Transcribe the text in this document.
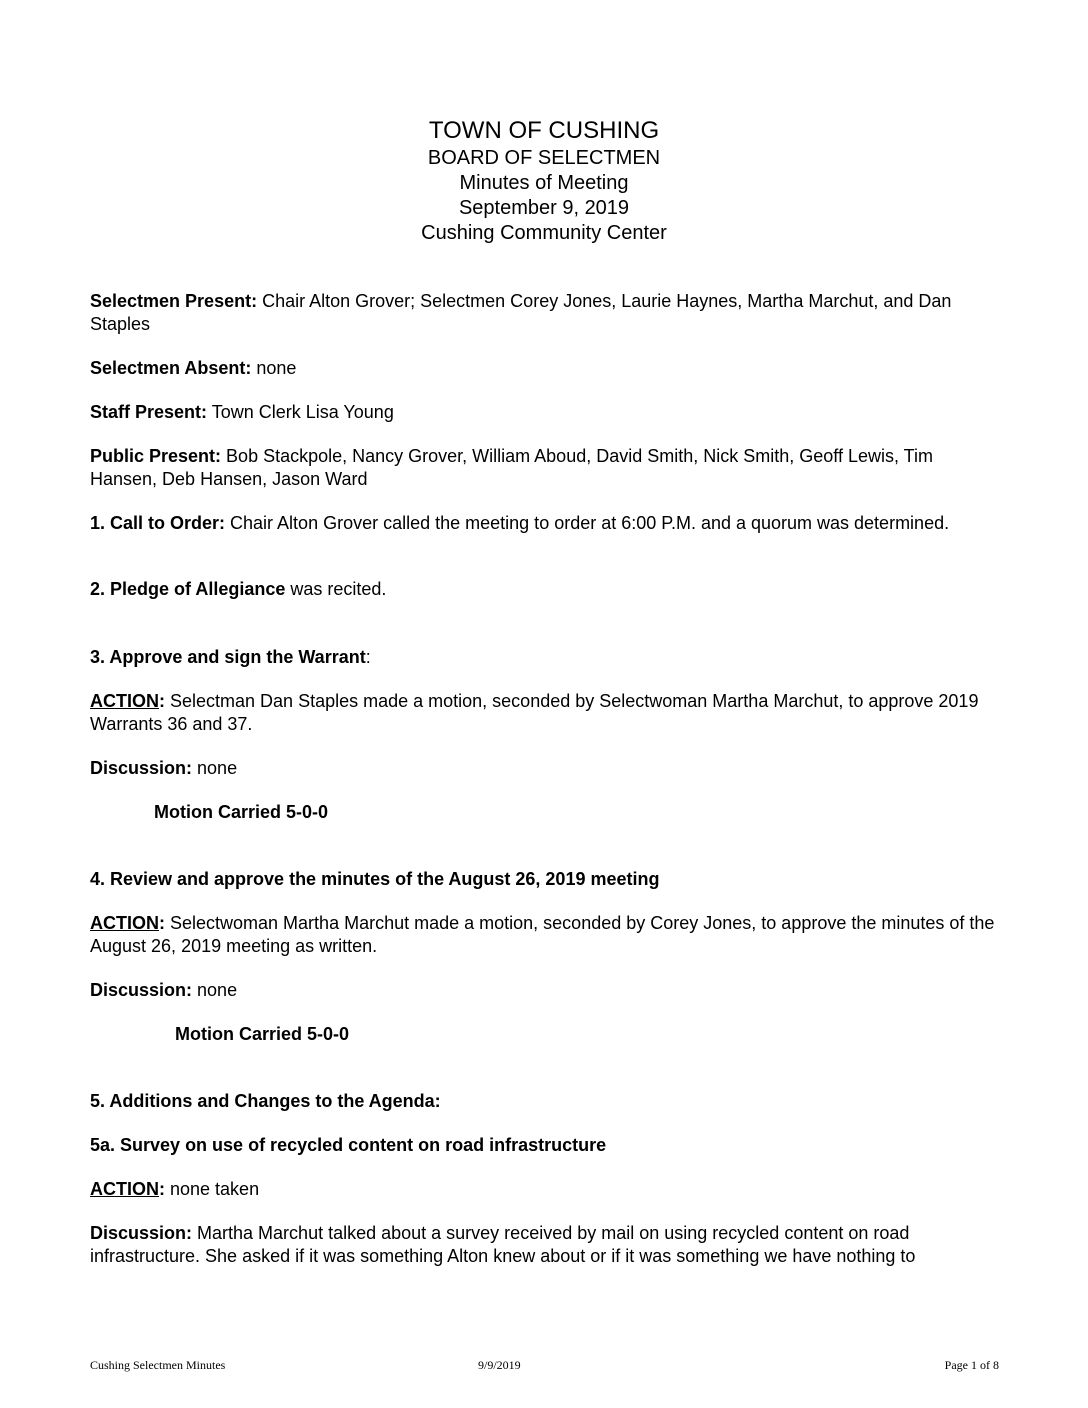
TOWN OF CUSHING
BOARD OF SELECTMEN
Minutes of Meeting
September 9, 2019
Cushing Community Center

Selectmen Present: Chair Alton Grover; Selectmen Corey Jones, Laurie Haynes, Martha Marchut, and Dan Staples

Selectmen Absent: none

Staff Present: Town Clerk Lisa Young

Public Present: Bob Stackpole, Nancy Grover, William Aboud, David Smith, Nick Smith, Geoff Lewis, Tim Hansen, Deb Hansen, Jason Ward

1. Call to Order: Chair Alton Grover called the meeting to order at 6:00 P.M. and a quorum was determined.

2. Pledge of Allegiance was recited.

3. Approve and sign the Warrant:

ACTION: Selectman Dan Staples made a motion, seconded by Selectwoman Martha Marchut, to approve 2019 Warrants 36 and 37.

Discussion: none

Motion Carried 5-0-0

4. Review and approve the minutes of the August 26, 2019 meeting

ACTION: Selectwoman Martha Marchut made a motion, seconded by Corey Jones, to approve the minutes of the August 26, 2019 meeting as written.

Discussion: none

Motion Carried 5-0-0

5. Additions and Changes to the Agenda:

5a. Survey on use of recycled content on road infrastructure

ACTION: none taken

Discussion: Martha Marchut talked about a survey received by mail on using recycled content on road infrastructure. She asked if it was something Alton knew about or if it was something we have nothing to

Cushing Selectmen Minutes	9/9/2019	Page 1 of 8
